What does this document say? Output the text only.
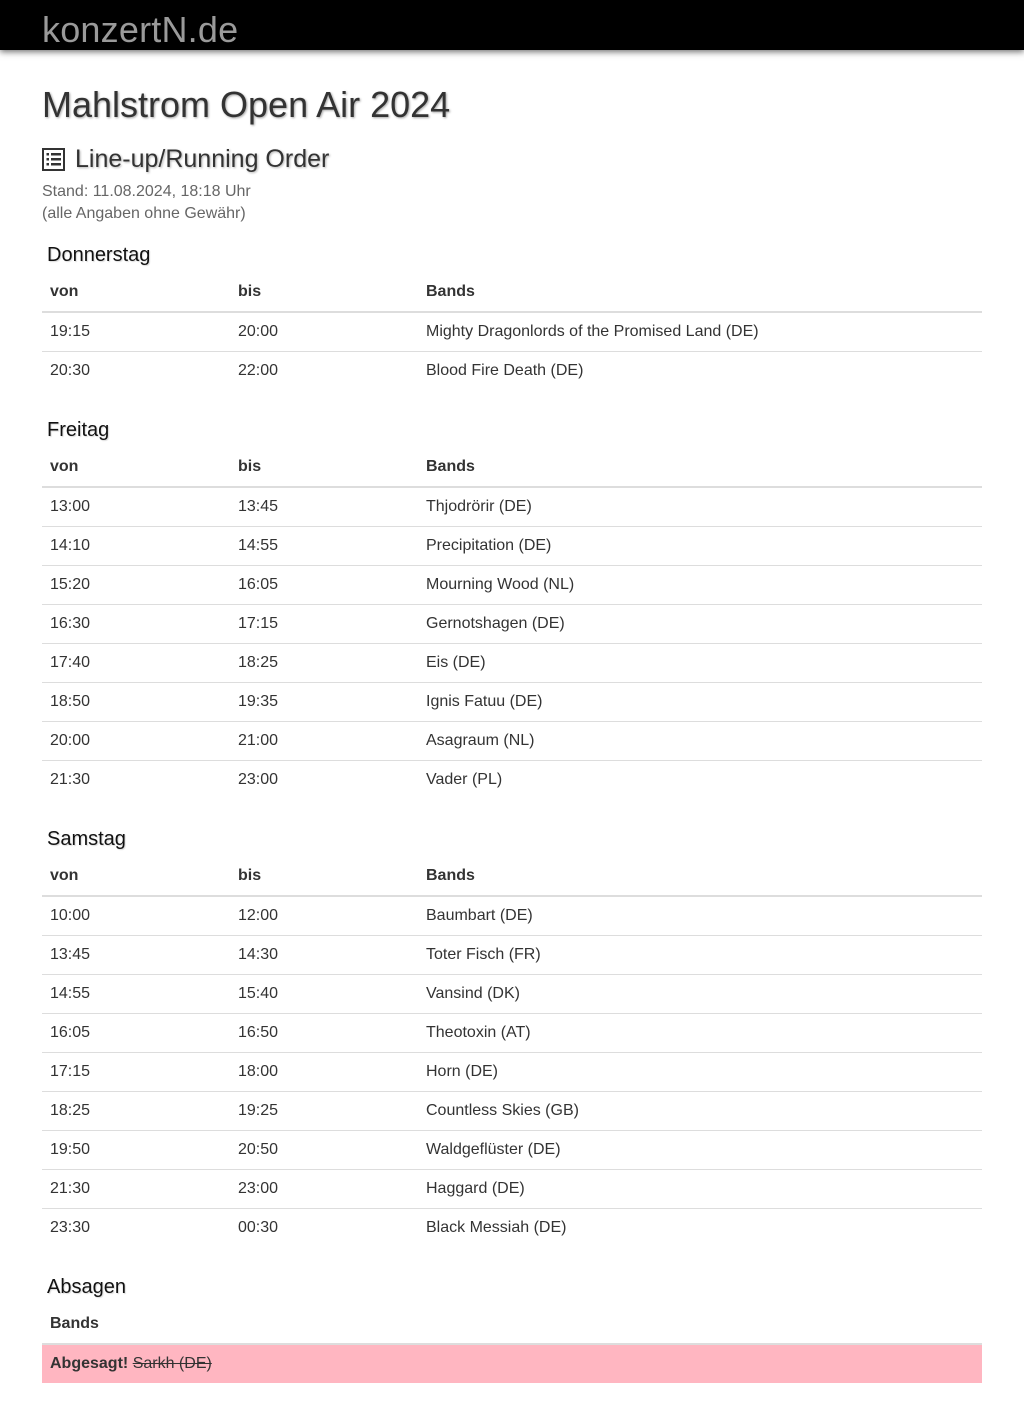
konzertN.de
Mahlstrom Open Air 2024
Line-up/Running Order
Stand: 11.08.2024, 18:18 Uhr
(alle Angaben ohne Gewähr)
Donnerstag
von	bis	Bands
19:15	20:00	Mighty Dragonlords of the Promised Land (DE)
20:30	22:00	Blood Fire Death (DE)
Freitag
von	bis	Bands
13:00	13:45	Thjodrörir (DE)
14:10	14:55	Precipitation (DE)
15:20	16:05	Mourning Wood (NL)
16:30	17:15	Gernotshagen (DE)
17:40	18:25	Eis (DE)
18:50	19:35	Ignis Fatuu (DE)
20:00	21:00	Asagraum (NL)
21:30	23:00	Vader (PL)
Samstag
von	bis	Bands
10:00	12:00	Baumbart (DE)
13:45	14:30	Toter Fisch (FR)
14:55	15:40	Vansind (DK)
16:05	16:50	Theotoxin (AT)
17:15	18:00	Horn (DE)
18:25	19:25	Countless Skies (GB)
19:50	20:50	Waldgeflüster (DE)
21:30	23:00	Haggard (DE)
23:30	00:30	Black Messiah (DE)
Absagen
Bands
Abgesagt! Sarkh (DE)
